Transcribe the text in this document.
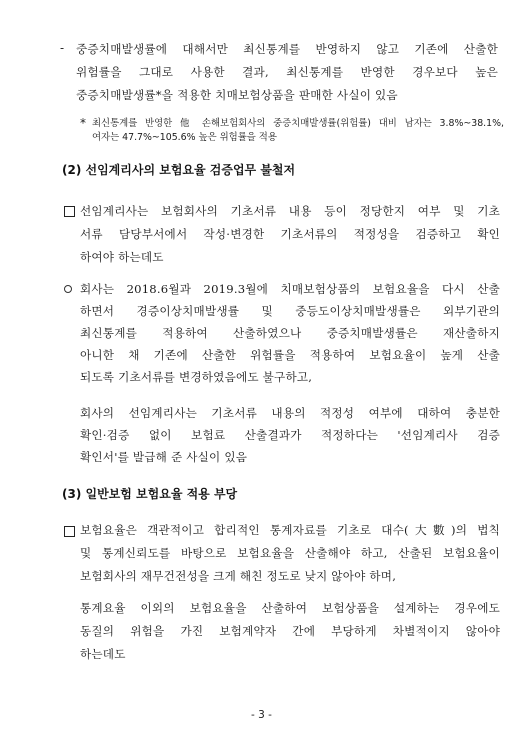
- 중증치매발생률에 대해서만 최신통계를 반영하지 않고 기존에 산출한
위험률을 그대로 사용한 결과, 최신통계를 반영한 경우보다 높은
중증치매발생률*을 적용한 치매보험상품을 판매한 사실이 있음
* 최신통계를 반영한 他 손해보험회사의 중증치매발생률(위험률) 대비 남자는 3.8%~38.1%,
여자는 47.7%~105.6% 높은 위험률을 적용
(2) 선임계리사의 보험요율 검증업무 불철저
선임계리사는 보험회사의 기초서류 내용 등이 정당한지 여부 및 기초
서류 담당부서에서 작성·변경한 기초서류의 적정성을 검증하고 확인
하여야 하는데도
회사는 2018.6월과 2019.3월에 치매보험상품의 보험요율을 다시 산출
하면서 경증이상치매발생률 및 중등도이상치매발생률은 외부기관의
최신통계를 적용하여 산출하였으나 중증치매발생률은 재산출하지
아니한 채 기존에 산출한 위험률을 적용하여 보험요율이 높게 산출
되도록 기초서류를 변경하였음에도 불구하고,
회사의 선임계리사는 기초서류 내용의 적정성 여부에 대하여 충분한
확인·검증 없이 보험료 산출결과가 적정하다는 '선임계리사 검증
확인서'를 발급해 준 사실이 있음
(3) 일반보험 보험요율 적용 부당
보험요율은 객관적이고 합리적인 통계자료를 기초로 대수(大數)의 법칙
및 통계신뢰도를 바탕으로 보험요율을 산출해야 하고, 산출된 보험요율이
보험회사의 재무건전성을 크게 해친 정도로 낮지 않아야 하며,
통계요율 이외의 보험요율을 산출하여 보험상품을 설계하는 경우에도
동질의 위험을 가진 보험계약자 간에 부당하게 차별적이지 않아야
하는데도
- 3 -
